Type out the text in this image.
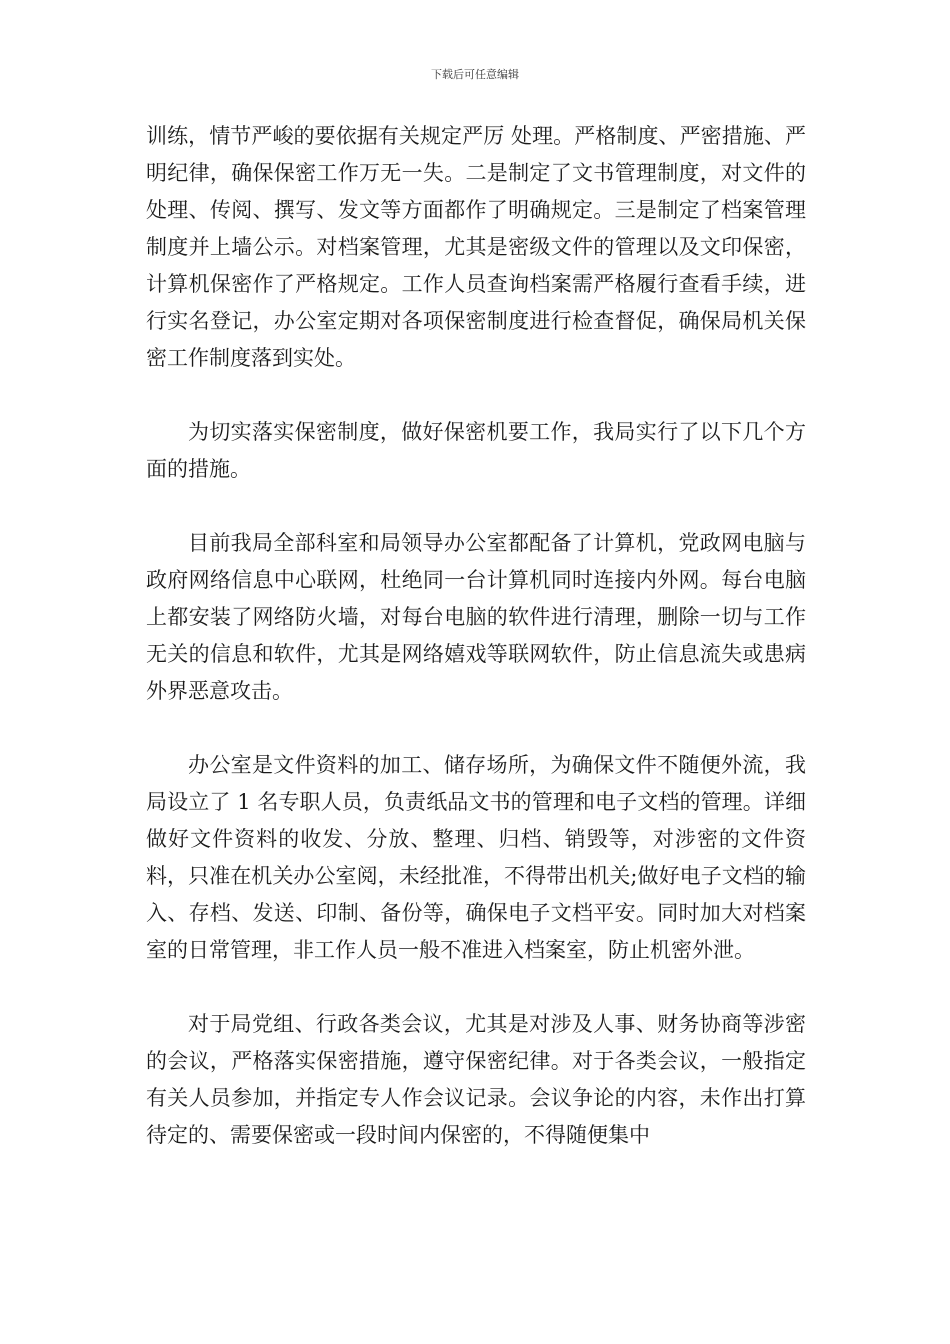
下载后可任意编辑

训练，情节严峻的要依据有关规定严厉 处理。严格制度、严密措施、严明纪律，确保保密工作万无一失。二是制定了文书管理制度，对文件的处理、传阅、撰写、发文等方面都作了明确规定。三是制定了档案管理制度并上墙公示。对档案管理，尤其是密级文件的管理以及文印保密，计算机保密作了严格规定。工作人员查询档案需严格履行查看手续，进行实名登记，办公室定期对各项保密制度进行检查督促，确保局机关保密工作制度落到实处。

为切实落实保密制度，做好保密机要工作，我局实行了以下几个方面的措施。

目前我局全部科室和局领导办公室都配备了计算机，党政网电脑与政府网络信息中心联网，杜绝同一台计算机同时连接内外网。每台电脑上都安装了网络防火墙，对每台电脑的软件进行清理，删除一切与工作无关的信息和软件，尤其是网络嬉戏等联网软件，防止信息流失或患病外界恶意攻击。

办公室是文件资料的加工、储存场所，为确保文件不随便外流，我局设立了 1 名专职人员，负责纸品文书的管理和电子文档的管理。详细做好文件资料的收发、分放、整理、归档、销毁等，对涉密的文件资料，只准在机关办公室阅，未经批准，不得带出机关;做好电子文档的输入、存档、发送、印制、备份等，确保电子文档平安。同时加大对档案室的日常管理，非工作人员一般不准进入档案室，防止机密外泄。

对于局党组、行政各类会议，尤其是对涉及人事、财务协商等涉密的会议，严格落实保密措施，遵守保密纪律。对于各类会议，一般指定有关人员参加，并指定专人作会议记录。会议争论的内容，未作出打算待定的、需要保密或一段时间内保密的，不得随便集中
